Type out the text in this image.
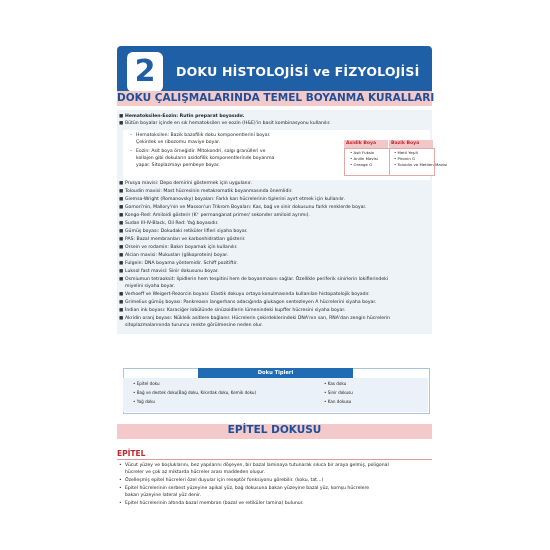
2	DOKU HİSTOLOJİSİ ve FİZYOLOJİSİ
DOKU ÇALIŞMALARINDA TEMEL BOYANMA KURALLARI
■ Hematoksilen-Eozin: Rutin preparat boyasıdır.
■ Bütün boyalar içinde en sık hematoksilen ve eozin (H&E)'in basit kombinasyonu kullanılır.
– Hematoksilen: Bazik bazofilik doku komponentlerini boyar.
Çekirdek ve ribozomu maviye boyar.
– Eozin: Asit boya örneğidir. Mitokondri, salgı granülleri ve
kollajen gibi dokuların asidofilik komponentlerinde boyanma
yapar. Sitoplazmayı pembeye boyar.
Asidik Boya	Bazik Boya
• Asit Fuksin
• Anilin Mavisi
• Orange G
• Metil Yeşili
• Pironin G
• Toluidin ve Metilen Mavisi
■ Prusya mavisi: Depo demirini göstermek için uygulanır.
■ Toloudin mavisi: Mast hücresinin metakromatik boyanmasında önemlidir.
■ Giemsa-Wright (Romanovsky) boyaları: Farklı kan hücrelerinin tiplerini ayırt etmek için kullanılır.
■ Gomori'nin, Mallory'nin ve Masson'un Trikrom Boyaları: Kas, bağ ve sinir dokusunu farklı renklerde boyar.
■ Kongo-Red: Amiloidi gösterir (K⁺ permanganat primer/ sekonder amiloid ayrımı).
■ Sudan III-IV-Black, Oil Red: Yağ boyasıdır.
■ Gümüş boyası: Dokudaki retiküler lifleri siyaha boyar.
■ PAS: Bazal membranları ve karbonhidratları gösterir.
■ Orsein ve rodamin: Bakırı boyamak için kullanılır.
■ Alcian mavisi: Mukusları (glikoprotein) boyar.
■ Fulgein: DNA boyama yöntemidir. Schiff pozitiftir.
■ Luksol fast mavisi: Sinir dokusunu boyar.
■ Osmiumun tetraoksit: lipidlerin hem tespitini hem de boyanmasını sağlar. Özellikle periferik sinirlerin lokiflerindeki
miyelini siyaha boyar.
■ Verhoeff ve Weigert-Rezorcin boyası: Elastik dokuyu ortaya konulmasında kullanılan histopatolojik boyadır.
■ Grimelius gümüş boyası: Pankreasın langerhans adacığında glukagon sentezleyen A hücrelerini siyaha boyar.
■ İndian ink boyası: Karaciğer lobülünde sinüzoidlerin lümenindeki kupffer hücresini siyaha boyar.
■ Akridin oranj boyası: Nükleik asitlere bağlanır. Hücrelerin çekirdeklerindeki DNA'nın sarı, RNA'dan zengin hücrelerin
sitoplazmalarınında turuncu renkte görülmesine neden olur.
Doku Tipleri
• Epitel doku
• Bağ ve destek doku(Bağ doku, Kıkırdak doku, Kemik doku)
• Yağ doku
• Kas doku
• Sinir dokusu
• Kan dokusu
EPİTEL DOKUSU
EPİTEL
• Vücut yüzey ve boşluklarını, bez yapılarını döşeyen, bir bazal laminaya tutunarak sıkıca bir araya gelmiş, poligonal
hücreler ve çok az miktarda hücreler arası maddeden oluşur.
• Özelleşmiş epitel hücreleri özel duyular için reseptör fonksiyonu görebilir. (koku, tat…)
• Epitel hücrelerinin serbest yüzeyine apikal yüz, bağ dokusuna bakan yüzeyine bazal yüz, komşu hücrelere
bakan yüzeyine lateral yüz denir.
• Epitel hücrelerinin altında bazal membran (bazal ve retiküler lamina) bulunur.
